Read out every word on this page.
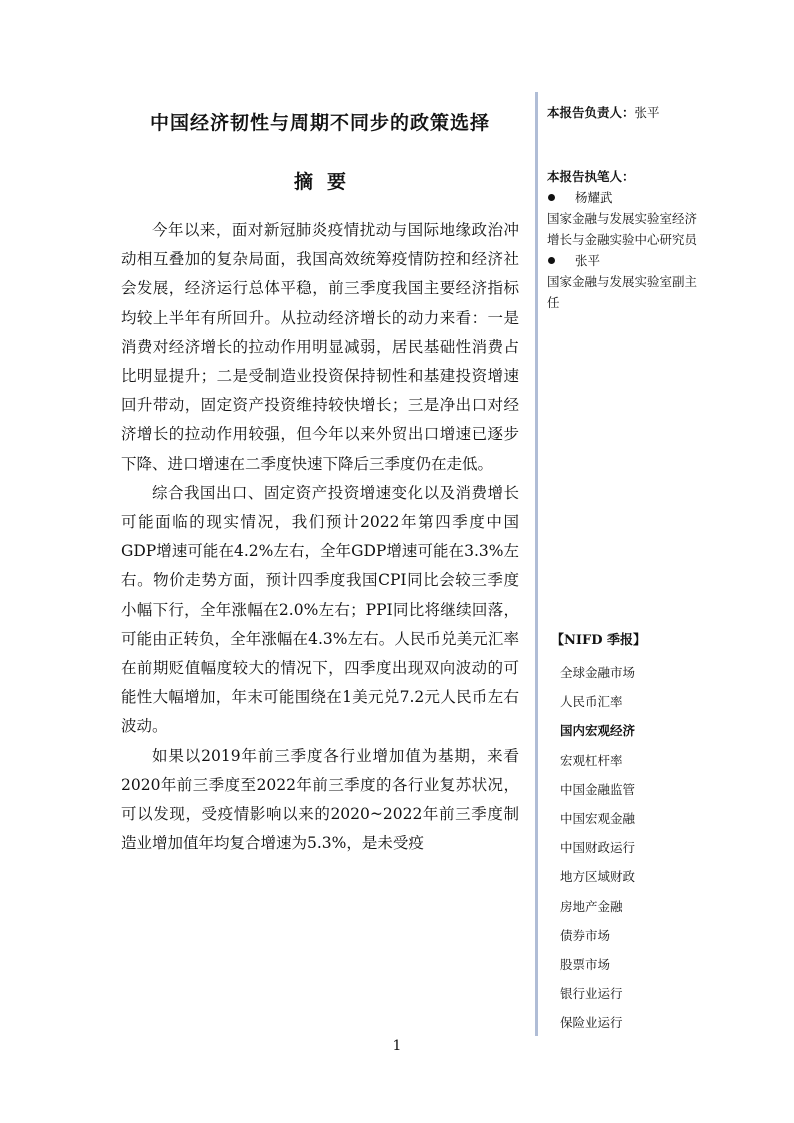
中国经济韧性与周期不同步的政策选择
摘要

今年以来，面对新冠肺炎疫情扰动与国际地缘政治冲动相互叠加的复杂局面，我国高效统筹疫情防控和经济社会发展，经济运行总体平稳，前三季度我国主要经济指标均较上半年有所回升。从拉动经济增长的动力来看：一是消费对经济增长的拉动作用明显减弱，居民基础性消费占比明显提升；二是受制造业投资保持韧性和基建投资增速回升带动，固定资产投资维持较快增长；三是净出口对经济增长的拉动作用较强，但今年以来外贸出口增速已逐步下降、进口增速在二季度快速下降后三季度仍在走低。

综合我国出口、固定资产投资增速变化以及消费增长可能面临的现实情况，我们预计2022年第四季度中国GDP增速可能在4.2%左右，全年GDP增速可能在3.3%左右。物价走势方面，预计四季度我国CPI同比会较三季度小幅下行，全年涨幅在2.0%左右；PPI同比将继续回落，可能由正转负，全年涨幅在4.3%左右。人民币兑美元汇率在前期贬值幅度较大的情况下，四季度出现双向波动的可能性大幅增加，年末可能围绕在1美元兑7.2元人民币左右波动。

如果以2019年前三季度各行业增加值为基期，来看2020年前三季度至2022年前三季度的各行业复苏状况，可以发现，受疫情影响以来的2020~2022年前三季度制造业增加值年均复合增速为5.3%，是未受疫

本报告负责人：张平
本报告执笔人：
杨耀武
国家金融与发展实验室经济增长与金融实验中心研究员
张平
国家金融与发展实验室副主任
【NIFD 季报】
全球金融市场
人民币汇率
国内宏观经济
宏观杠杆率
中国金融监管
中国宏观金融
中国财政运行
地方区域财政
房地产金融
债券市场
股票市场
银行业运行
保险业运行
1
